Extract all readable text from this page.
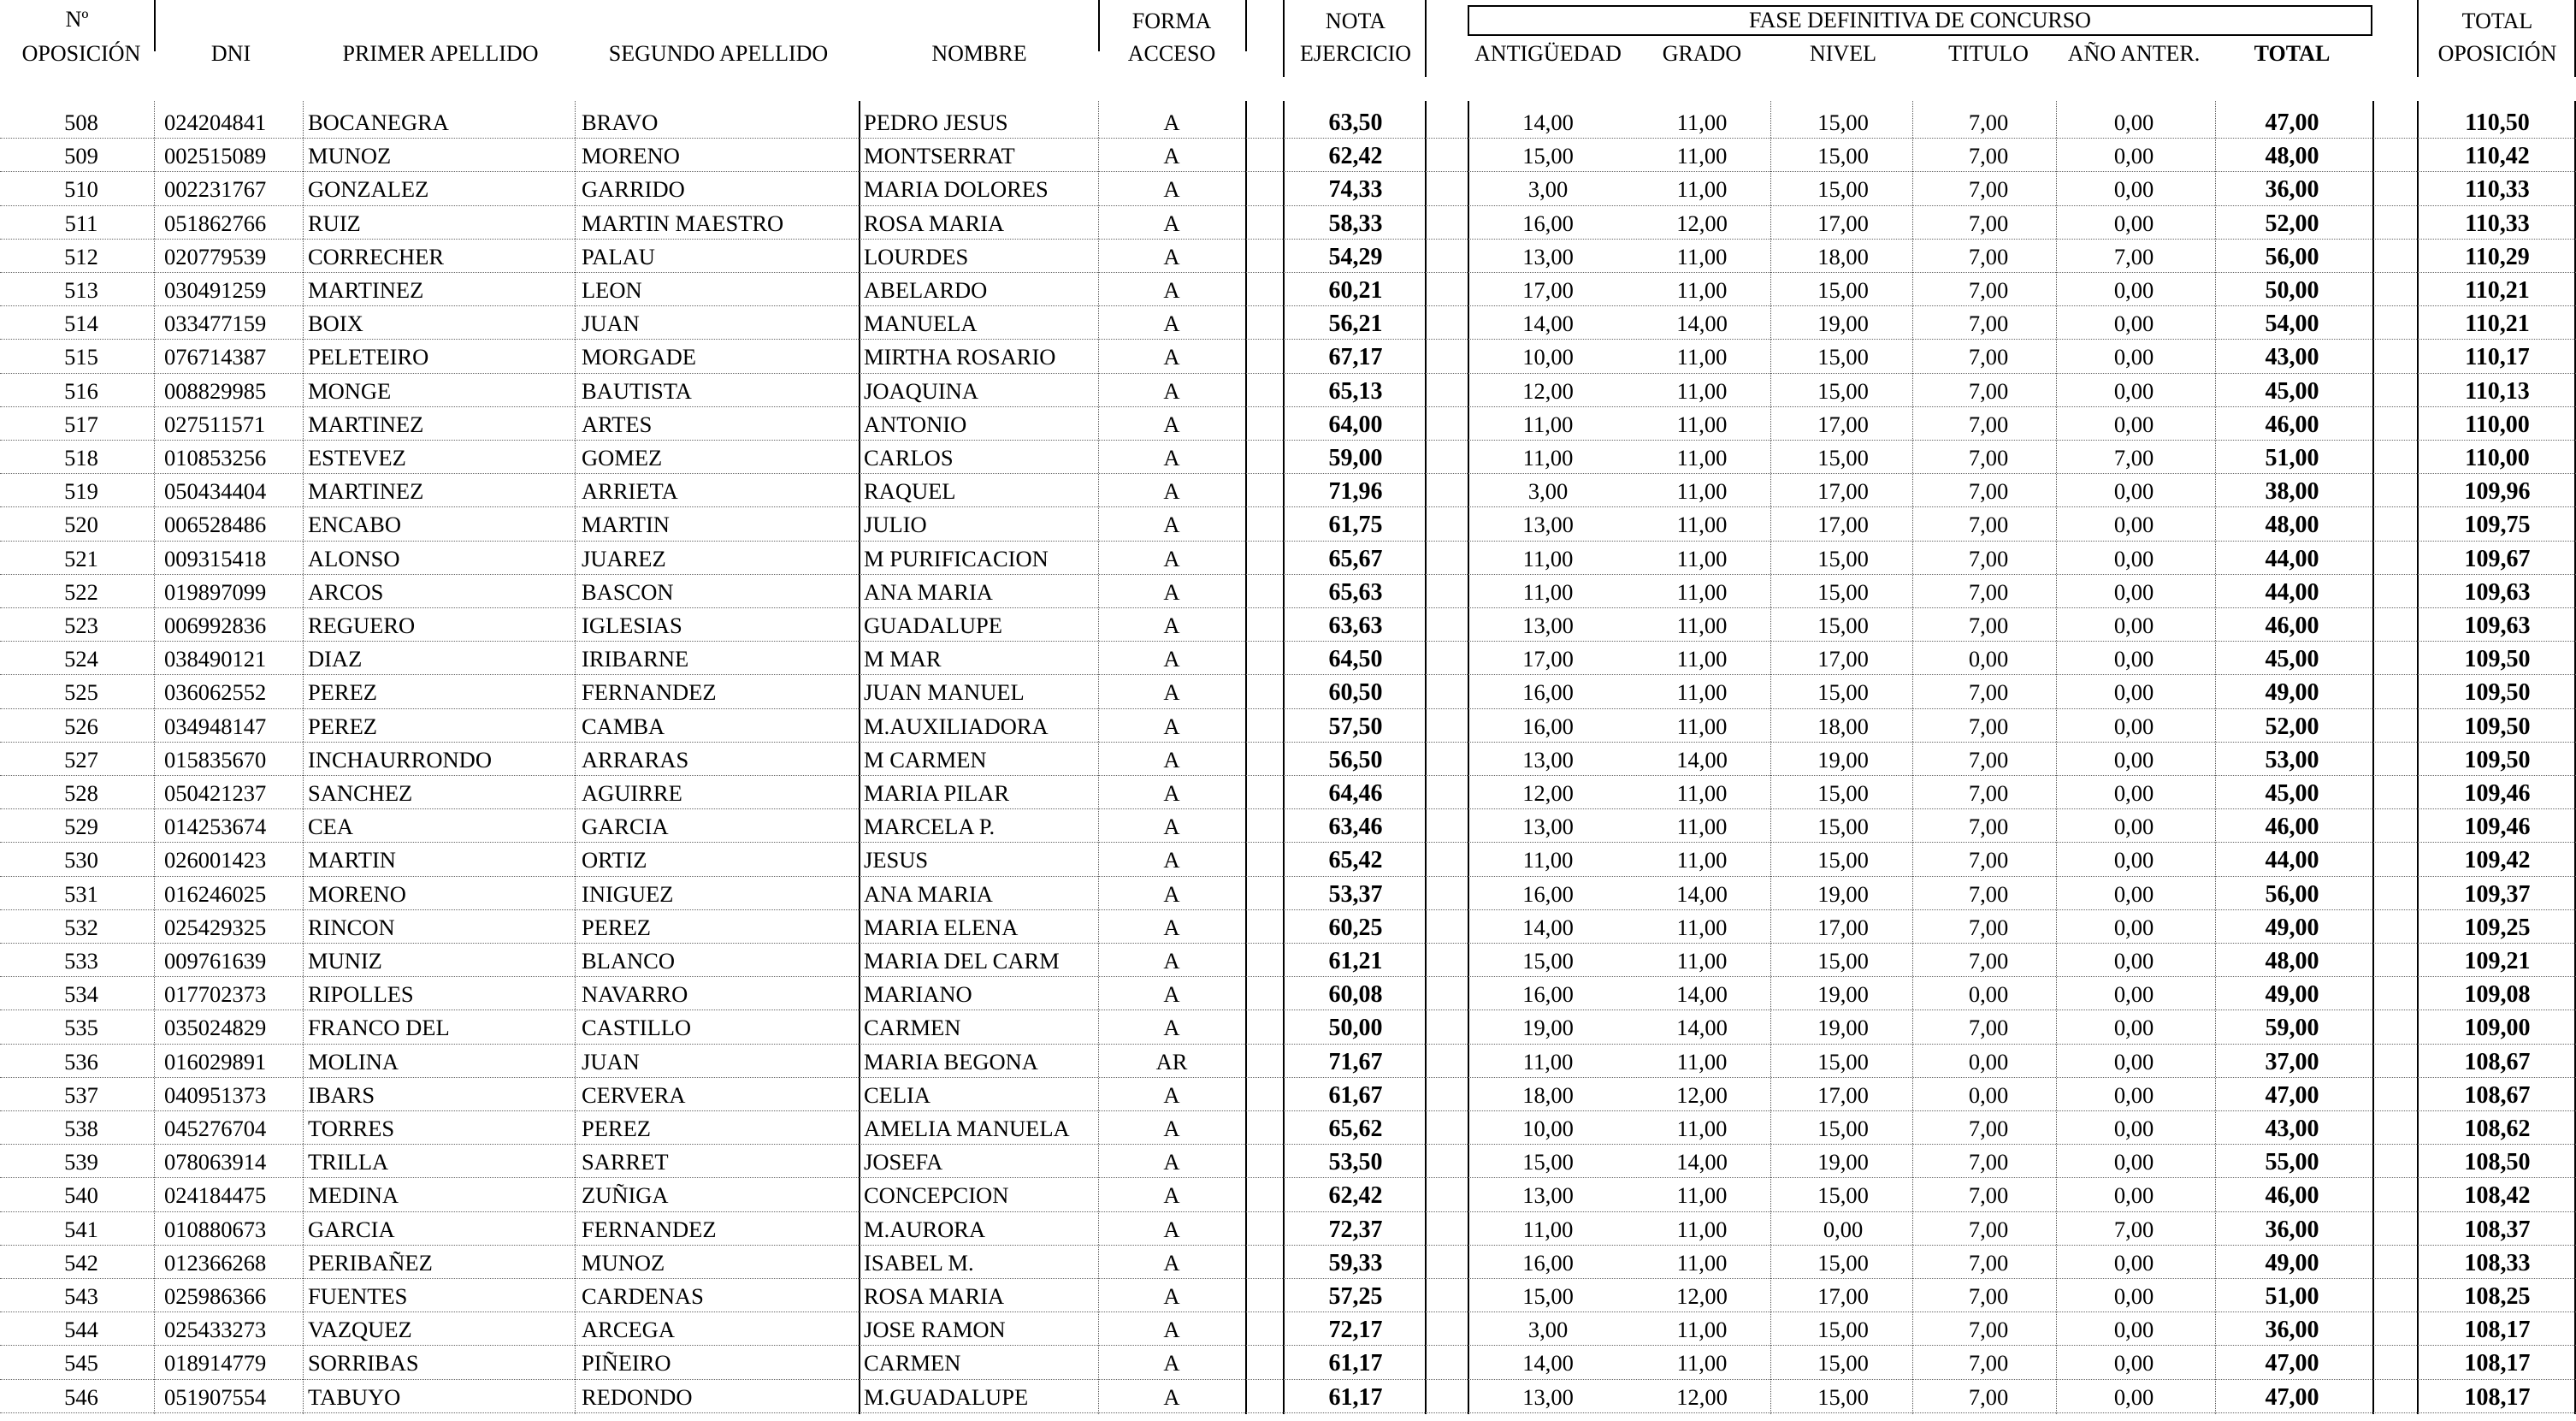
Nº
OPOSICIÓN	DNI	PRIMER APELLIDO	SEGUNDO APELLIDO	NOMBRE
FORMA
ACCESO
NOTA
EJERCICIO
FASE DEFINITIVA DE CONCURSO
ANTIGÜEDAD	GRADO	NIVEL	TITULO	AÑO ANTER.	TOTAL
TOTAL
OPOSICIÓN
508	024204841	BOCANEGRA	BRAVO	PEDRO JESUS	A	63,50	14,00	11,00	15,00	7,00	0,00	47,00	110,50
509	002515089	MUNOZ	MORENO	MONTSERRAT	A	62,42	15,00	11,00	15,00	7,00	0,00	48,00	110,42
510	002231767	GONZALEZ	GARRIDO	MARIA DOLORES	A	74,33	3,00	11,00	15,00	7,00	0,00	36,00	110,33
511	051862766	RUIZ	MARTIN MAESTRO	ROSA MARIA	A	58,33	16,00	12,00	17,00	7,00	0,00	52,00	110,33
512	020779539	CORRECHER	PALAU	LOURDES	A	54,29	13,00	11,00	18,00	7,00	7,00	56,00	110,29
513	030491259	MARTINEZ	LEON	ABELARDO	A	60,21	17,00	11,00	15,00	7,00	0,00	50,00	110,21
514	033477159	BOIX	JUAN	MANUELA	A	56,21	14,00	14,00	19,00	7,00	0,00	54,00	110,21
515	076714387	PELETEIRO	MORGADE	MIRTHA ROSARIO	A	67,17	10,00	11,00	15,00	7,00	0,00	43,00	110,17
516	008829985	MONGE	BAUTISTA	JOAQUINA	A	65,13	12,00	11,00	15,00	7,00	0,00	45,00	110,13
517	027511571	MARTINEZ	ARTES	ANTONIO	A	64,00	11,00	11,00	17,00	7,00	0,00	46,00	110,00
518	010853256	ESTEVEZ	GOMEZ	CARLOS	A	59,00	11,00	11,00	15,00	7,00	7,00	51,00	110,00
519	050434404	MARTINEZ	ARRIETA	RAQUEL	A	71,96	3,00	11,00	17,00	7,00	0,00	38,00	109,96
520	006528486	ENCABO	MARTIN	JULIO	A	61,75	13,00	11,00	17,00	7,00	0,00	48,00	109,75
521	009315418	ALONSO	JUAREZ	M PURIFICACION	A	65,67	11,00	11,00	15,00	7,00	0,00	44,00	109,67
522	019897099	ARCOS	BASCON	ANA MARIA	A	65,63	11,00	11,00	15,00	7,00	0,00	44,00	109,63
523	006992836	REGUERO	IGLESIAS	GUADALUPE	A	63,63	13,00	11,00	15,00	7,00	0,00	46,00	109,63
524	038490121	DIAZ	IRIBARNE	M MAR	A	64,50	17,00	11,00	17,00	0,00	0,00	45,00	109,50
525	036062552	PEREZ	FERNANDEZ	JUAN MANUEL	A	60,50	16,00	11,00	15,00	7,00	0,00	49,00	109,50
526	034948147	PEREZ	CAMBA	M.AUXILIADORA	A	57,50	16,00	11,00	18,00	7,00	0,00	52,00	109,50
527	015835670	INCHAURRONDO	ARRARAS	M CARMEN	A	56,50	13,00	14,00	19,00	7,00	0,00	53,00	109,50
528	050421237	SANCHEZ	AGUIRRE	MARIA PILAR	A	64,46	12,00	11,00	15,00	7,00	0,00	45,00	109,46
529	014253674	CEA	GARCIA	MARCELA P.	A	63,46	13,00	11,00	15,00	7,00	0,00	46,00	109,46
530	026001423	MARTIN	ORTIZ	JESUS	A	65,42	11,00	11,00	15,00	7,00	0,00	44,00	109,42
531	016246025	MORENO	INIGUEZ	ANA MARIA	A	53,37	16,00	14,00	19,00	7,00	0,00	56,00	109,37
532	025429325	RINCON	PEREZ	MARIA ELENA	A	60,25	14,00	11,00	17,00	7,00	0,00	49,00	109,25
533	009761639	MUNIZ	BLANCO	MARIA DEL CARM	A	61,21	15,00	11,00	15,00	7,00	0,00	48,00	109,21
534	017702373	RIPOLLES	NAVARRO	MARIANO	A	60,08	16,00	14,00	19,00	0,00	0,00	49,00	109,08
535	035024829	FRANCO DEL	CASTILLO	CARMEN	A	50,00	19,00	14,00	19,00	7,00	0,00	59,00	109,00
536	016029891	MOLINA	JUAN	MARIA BEGONA	AR	71,67	11,00	11,00	15,00	0,00	0,00	37,00	108,67
537	040951373	IBARS	CERVERA	CELIA	A	61,67	18,00	12,00	17,00	0,00	0,00	47,00	108,67
538	045276704	TORRES	PEREZ	AMELIA MANUELA	A	65,62	10,00	11,00	15,00	7,00	0,00	43,00	108,62
539	078063914	TRILLA	SARRET	JOSEFA	A	53,50	15,00	14,00	19,00	7,00	0,00	55,00	108,50
540	024184475	MEDINA	ZUÑIGA	CONCEPCION	A	62,42	13,00	11,00	15,00	7,00	0,00	46,00	108,42
541	010880673	GARCIA	FERNANDEZ	M.AURORA	A	72,37	11,00	11,00	0,00	7,00	7,00	36,00	108,37
542	012366268	PERIBAÑEZ	MUNOZ	ISABEL M.	A	59,33	16,00	11,00	15,00	7,00	0,00	49,00	108,33
543	025986366	FUENTES	CARDENAS	ROSA MARIA	A	57,25	15,00	12,00	17,00	7,00	0,00	51,00	108,25
544	025433273	VAZQUEZ	ARCEGA	JOSE RAMON	A	72,17	3,00	11,00	15,00	7,00	0,00	36,00	108,17
545	018914779	SORRIBAS	PIÑEIRO	CARMEN	A	61,17	14,00	11,00	15,00	7,00	0,00	47,00	108,17
546	051907554	TABUYO	REDONDO	M.GUADALUPE	A	61,17	13,00	12,00	15,00	7,00	0,00	47,00	108,17
